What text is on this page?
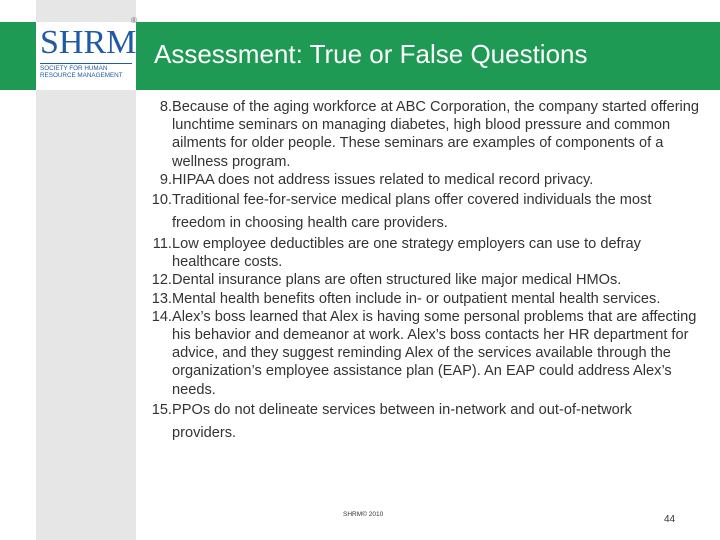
SHRM
SOCIETY FOR HUMAN RESOURCE MANAGEMENT
®
Assessment: True or False Questions
8. Because of the aging workforce at ABC Corporation, the company started offering lunchtime seminars on managing diabetes, high blood pressure and common ailments for older people. These seminars are examples of components of a wellness program.
9. HIPAA does not address issues related to medical record privacy.
10. Traditional fee-for-service medical plans offer covered individuals the most freedom in choosing health care providers.
11. Low employee deductibles are one strategy employers can use to defray healthcare costs.
12. Dental insurance plans are often structured like major medical HMOs.
13. Mental health benefits often include in- or outpatient mental health services.
14. Alex’s boss learned that Alex is having some personal problems that are affecting his behavior and demeanor at work. Alex’s boss contacts her HR department for advice, and they suggest reminding Alex of the services available through the organization’s employee assistance plan (EAP). An EAP could address Alex’s needs.
15. PPOs do not delineate services between in-network and out-of-network providers.
SHRM© 2010	44
